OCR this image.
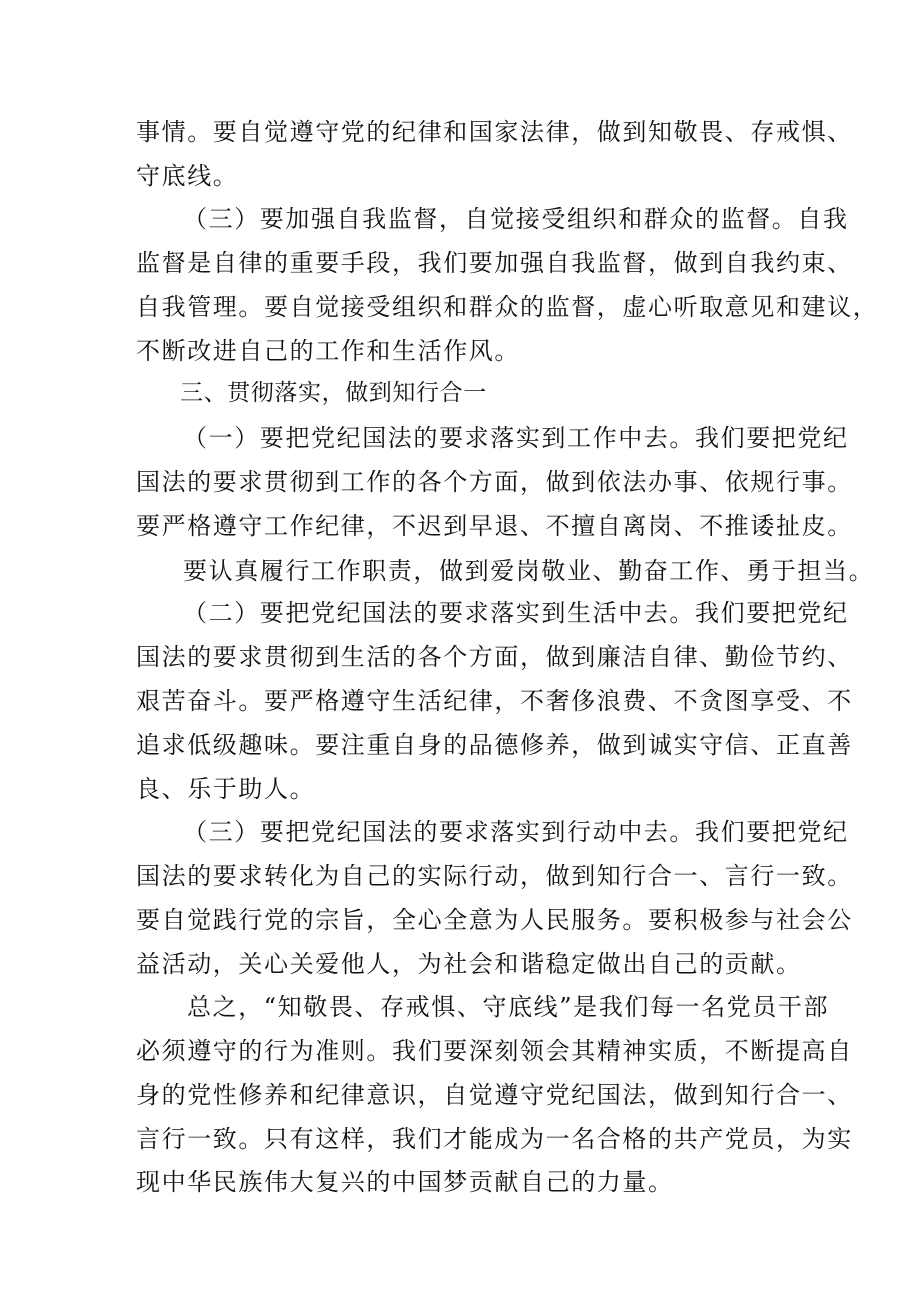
事情。要自觉遵守党的纪律和国家法律，做到知敬畏、存戒惧、
守底线。
（三）要加强自我监督，自觉接受组织和群众的监督。自我
监督是自律的重要手段，我们要加强自我监督，做到自我约束、
自我管理。要自觉接受组织和群众的监督，虚心听取意见和建议，
不断改进自己的工作和生活作风。
三、贯彻落实，做到知行合一
（一）要把党纪国法的要求落实到工作中去。我们要把党纪
国法的要求贯彻到工作的各个方面，做到依法办事、依规行事。
要严格遵守工作纪律，不迟到早退、不擅自离岗、不推诿扯皮。
要认真履行工作职责，做到爱岗敬业、勤奋工作、勇于担当。
（二）要把党纪国法的要求落实到生活中去。我们要把党纪
国法的要求贯彻到生活的各个方面，做到廉洁自律、勤俭节约、
艰苦奋斗。要严格遵守生活纪律，不奢侈浪费、不贪图享受、不
追求低级趣味。要注重自身的品德修养，做到诚实守信、正直善
良、乐于助人。
（三）要把党纪国法的要求落实到行动中去。我们要把党纪
国法的要求转化为自己的实际行动，做到知行合一、言行一致。
要自觉践行党的宗旨，全心全意为人民服务。要积极参与社会公
益活动，关心关爱他人，为社会和谐稳定做出自己的贡献。
总之，“知敬畏、存戒惧、守底线”是我们每一名党员干部
必须遵守的行为准则。我们要深刻领会其精神实质，不断提高自
身的党性修养和纪律意识，自觉遵守党纪国法，做到知行合一、
言行一致。只有这样，我们才能成为一名合格的共产党员，为实
现中华民族伟大复兴的中国梦贡献自己的力量。
